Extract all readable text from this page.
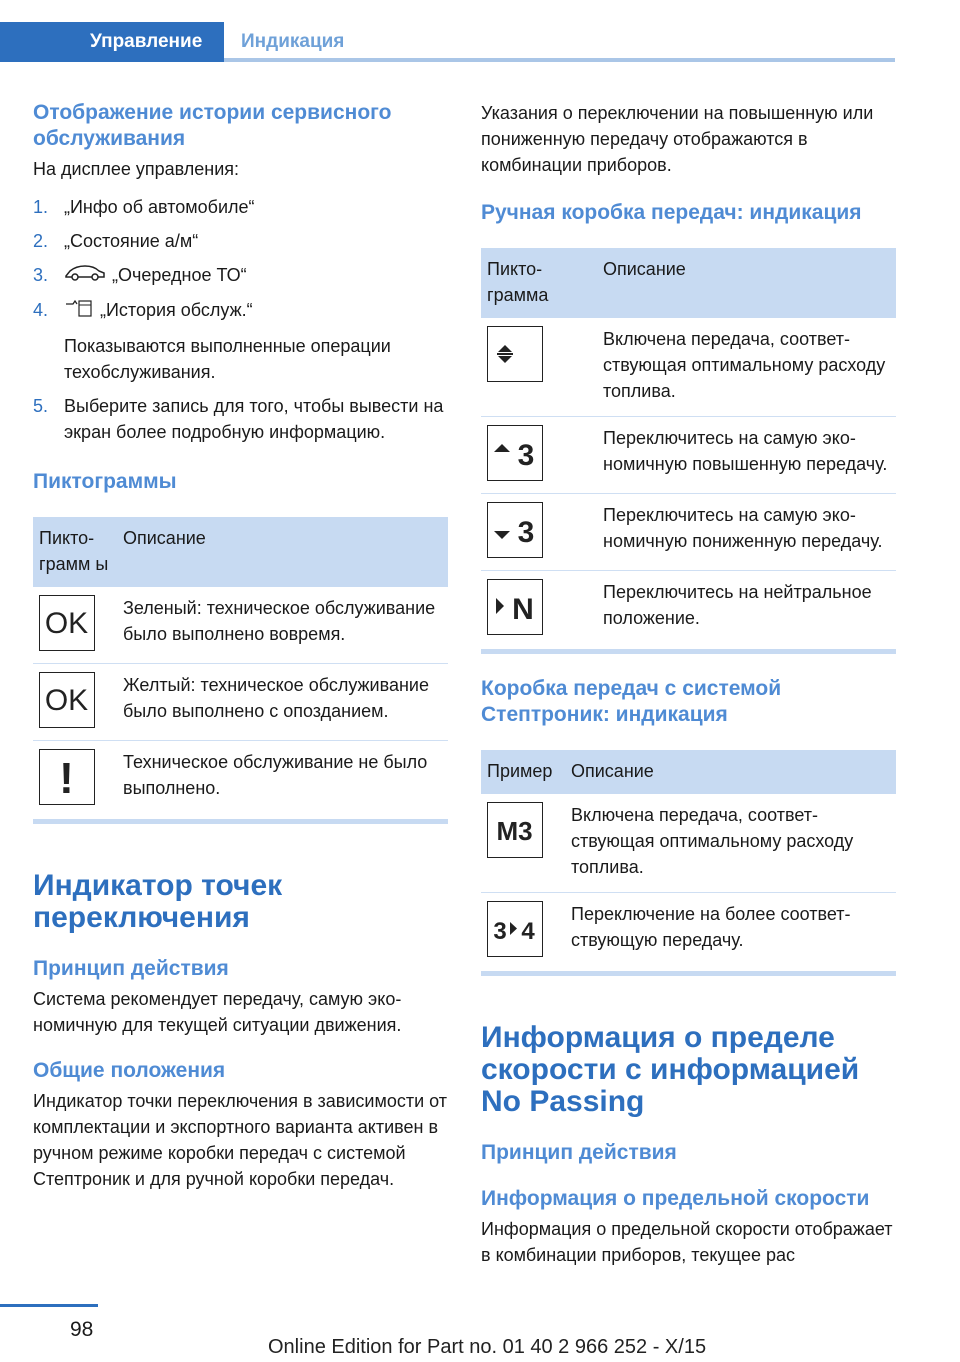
Управление	Индикация
Отображение истории сервисного обслуживания
На дисплее управления:
1. „Инфо об автомобиле“
2. „Состояние а/м“
3.	„Очередное ТО“
4.	„История обслуж.“
Показываются выполненные операции техобслуживания.
5. Выберите запись для того, чтобы вывести на экран более подробную информацию.
Пиктограммы
Пиктограмм ы	Описание

OK	Зеленый: техническое обслуживание было выполнено вовремя.

OK	Желтый: техническое обслуживание было выполнено с опозданием.

!	Техническое обслуживание не было выполнено.
Индикатор точек переключения
Принцип действия
Система рекомендует передачу, самую экономичную для текущей ситуации движения.
Общие положения
Индикатор точки переключения в зависимости от комплектации и экспортного варианта активен в ручном режиме коробки передач с системой Стептроник и для ручной коробки передач.
Указания о переключении на повышенную или пониженную передачу отображаются в комбинации приборов.
Ручная коробка передач: индикация
Пиктограмма	Описание

	Включена передача, соответствующая оптимальному расходу топлива.

3	Переключитесь на самую экономичную повышенную передачу.

3	Переключитесь на самую экономичную пониженную передачу.

N	Переключитесь на нейтральное положение.
Коробка передач с системой Стептроник: индикация
Пример	Описание

M3	Включена передача, соответствующая оптимальному расходу топлива.

3 4	Переключение на более соответствующую передачу.
Информация о пределе скорости с информацией No Passing
Принцип действия
Информация о предельной скорости
Информация о предельной скорости отображает в комбинации приборов, текущее рас
98
Online Edition for Part no. 01 40 2 966 252 - X/15
